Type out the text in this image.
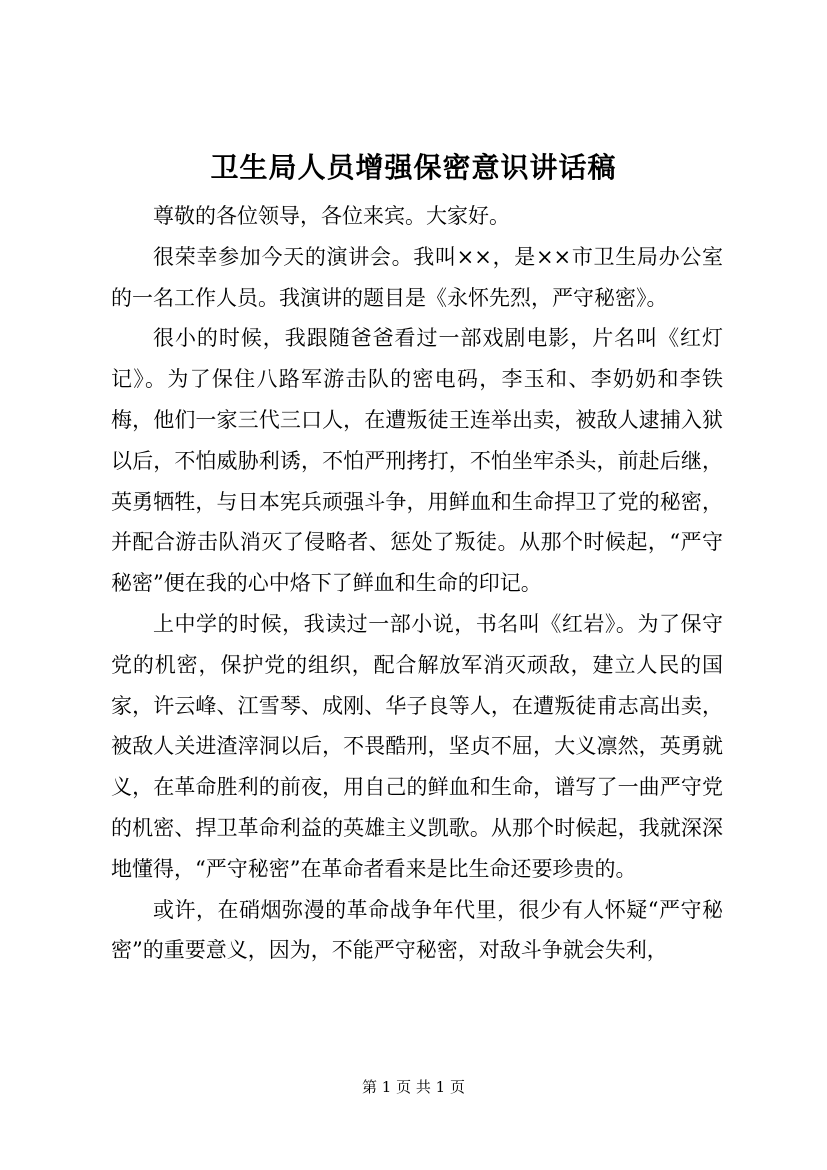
卫生局人员增强保密意识讲话稿

尊敬的各位领导，各位来宾。大家好。

很荣幸参加今天的演讲会。我叫××，是××市卫生局办公室的一名工作人员。我演讲的题目是《永怀先烈，严守秘密》。

很小的时候，我跟随爸爸看过一部戏剧电影，片名叫《红灯记》。为了保住八路军游击队的密电码，李玉和、李奶奶和李铁梅，他们一家三代三口人，在遭叛徒王连举出卖，被敌人逮捕入狱以后，不怕威胁利诱，不怕严刑拷打，不怕坐牢杀头，前赴后继，英勇牺牲，与日本宪兵顽强斗争，用鲜血和生命捍卫了党的秘密，并配合游击队消灭了侵略者、惩处了叛徒。从那个时候起，“严守秘密”便在我的心中烙下了鲜血和生命的印记。

上中学的时候，我读过一部小说，书名叫《红岩》。为了保守党的机密，保护党的组织，配合解放军消灭顽敌，建立人民的国家，许云峰、江雪琴、成刚、华子良等人，在遭叛徒甫志高出卖，被敌人关进渣滓洞以后，不畏酷刑，坚贞不屈，大义凛然，英勇就义，在革命胜利的前夜，用自己的鲜血和生命，谱写了一曲严守党的机密、捍卫革命利益的英雄主义凯歌。从那个时候起，我就深深地懂得，“严守秘密”在革命者看来是比生命还要珍贵的。

或许，在硝烟弥漫的革命战争年代里，很少有人怀疑“严守秘密”的重要意义，因为，不能严守秘密，对敌斗争就会失利，

第 1 页 共 1 页
